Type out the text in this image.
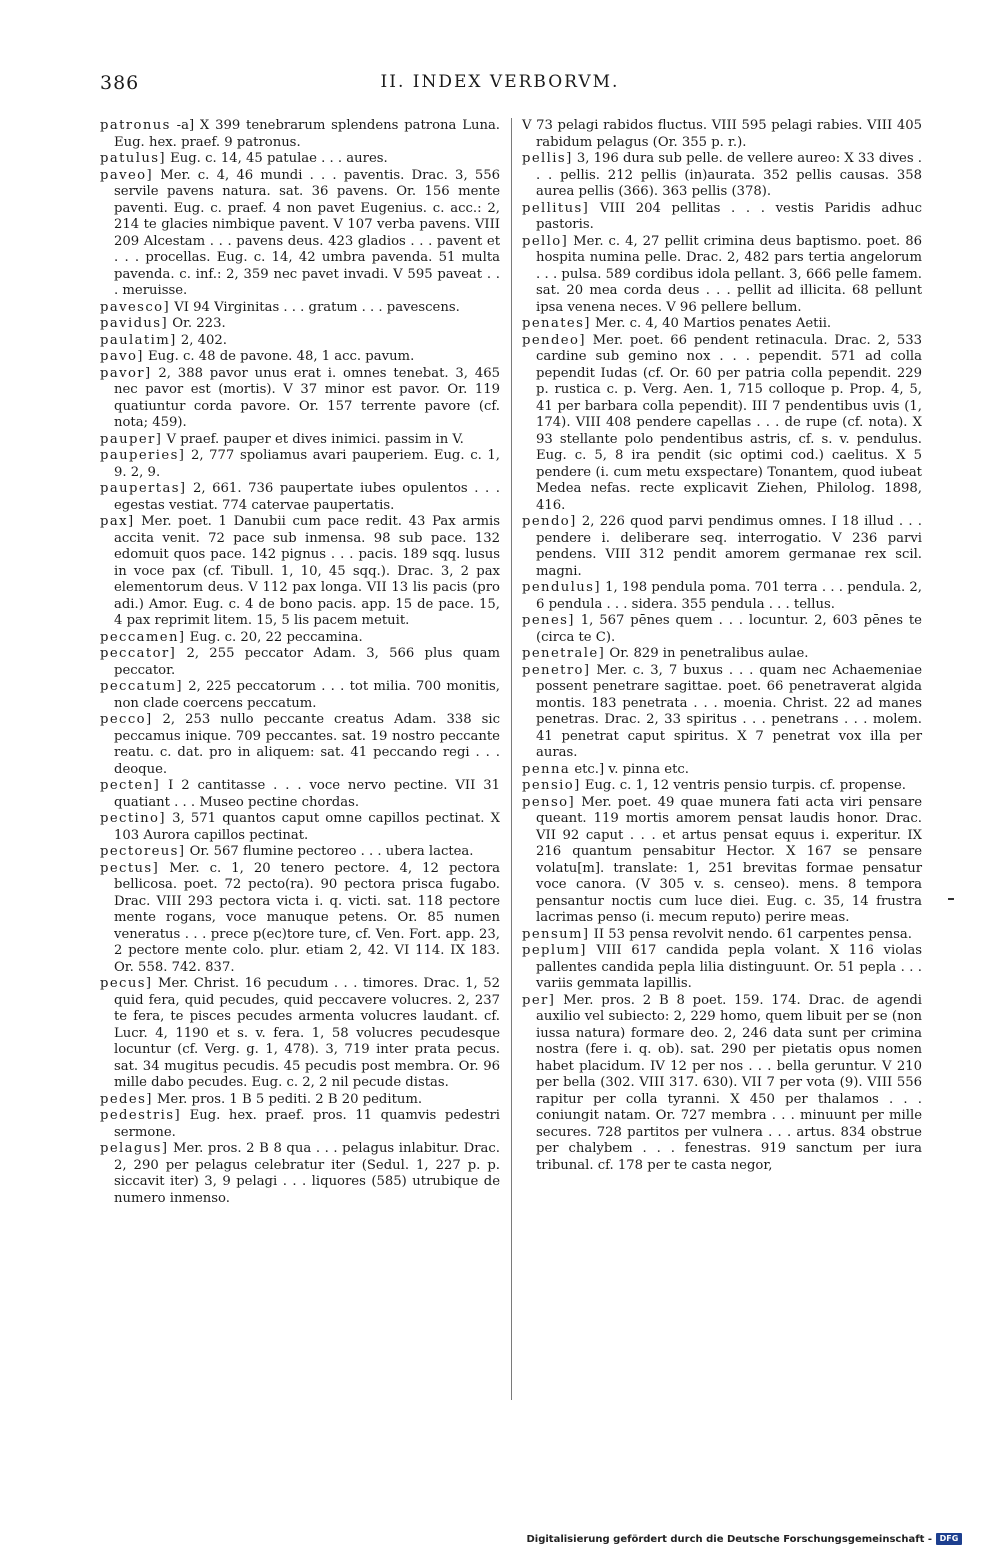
386	II. INDEX VERBORVM.

patronus -a] X 399 tenebrarum splendens patrona Luna. Eug. hex. praef. 9 patronus.

patulus] Eug. c. 14, 45 patulae . . . aures.

paveo] Mer. c. 4, 46 mundi . . . paventis. Drac. 3, 556 servile pavens natura. sat. 36 pavens. Or. 156 mente paventi. Eug. c. praef. 4 non pavet Eugenius. c. acc.: 2, 214 te glacies nimbique pavent. V 107 verba pavens. VIII 209 Alcestam . . . pavens deus. 423 gladios . . . pavent et . . . procellas. Eug. c. 14, 42 umbra pavenda. 51 multa pavenda. c. inf.: 2, 359 nec pavet invadi. V 595 paveat . . . meruisse.

pavesco] VI 94 Virginitas . . . gratum . . . pavescens.

pavidus] Or. 223.

paulatim] 2, 402.

pavo] Eug. c. 48 de pavone. 48, 1 acc. pavum.

pavor] 2, 388 pavor unus erat i. omnes tenebat. 3, 465 nec pavor est (mortis). V 37 minor est pavor. Or. 119 quatiuntur corda pavore. Or. 157 terrente pavore (cf. nota; 459).

pauper] V praef. pauper et dives inimici. passim in V.

pauperies] 2, 777 spoliamus avari pauperiem. Eug. c. 1, 9. 2, 9.

paupertas] 2, 661. 736 paupertate iubes opulentos . . . egestas vestiat. 774 catervae paupertatis.

pax] Mer. poet. 1 Danubii cum pace redit. 43 Pax armis accita venit. 72 pace sub inmensa. 98 sub pace. 132 edomuit quos pace. 142 pignus . . . pacis. 189 sqq. lusus in voce pax (cf. Tibull. 1, 10, 45 sqq.). Drac. 3, 2 pax elementorum deus. V 112 pax longa. VII 13 lis pacis (pro adi.) Amor. Eug. c. 4 de bono pacis. app. 15 de pace. 15, 4 pax reprimit litem. 15, 5 lis pacem metuit.

peccamen] Eug. c. 20, 22 peccamina.

peccator] 2, 255 peccator Adam. 3, 566 plus quam peccator.

peccatum] 2, 225 peccatorum . . . tot milia. 700 monitis, non clade coercens peccatum.

pecco] 2, 253 nullo peccante creatus Adam. 338 sic peccamus inique. 709 peccantes. sat. 19 nostro peccante reatu. c. dat. pro in aliquem: sat. 41 peccando regi . . . deoque.

pecten] I 2 cantitasse . . . voce nervo pectine. VII 31 quatiant . . . Museo pectine chordas.

pectino] 3, 571 quantos caput omne capillos pectinat. X 103 Aurora capillos pectinat.

pectoreus] Or. 567 flumine pectoreo . . . ubera lactea.

pectus] Mer. c. 1, 20 tenero pectore. 4, 12 pectora bellicosa. poet. 72 pecto(ra). 90 pectora prisca fugabo. Drac. VIII 293 pectora victa i. q. victi. sat. 118 pectore mente rogans, voce manuque petens. Or. 85 numen veneratus . . . prece p(ec)tore ture, cf. Ven. Fort. app. 23, 2 pectore mente colo. plur. etiam 2, 42. VI 114. IX 183. Or. 558. 742. 837.

pecus] Mer. Christ. 16 pecudum . . . timores. Drac. 1, 52 quid fera, quid pecudes, quid peccavere volucres. 2, 237 te fera, te pisces pecudes armenta volucres laudant. cf. Lucr. 4, 1190 et s. v. fera. 1, 58 volucres pecudesque locuntur (cf. Verg. g. 1, 478). 3, 719 inter prata pecus. sat. 34 mugitus pecudis. 45 pecudis post membra. Or. 96 mille dabo pecudes. Eug. c. 2, 2 nil pecude distas.

pedes] Mer. pros. 1 B 5 pediti. 2 B 20 peditum.

pedestris] Eug. hex. praef. pros. 11 quamvis pedestri sermone.

pelagus] Mer. pros. 2 B 8 qua . . . pelagus inlabitur. Drac. 2, 290 per pelagus celebratur iter (Sedul. 1, 227 p. p. siccavit iter) 3, 9 pelagi . . . liquores (585) utrubique de numero inmenso.

V 73 pelagi rabidos fluctus. VIII 595 pelagi rabies. VIII 405 rabidum pelagus (Or. 355 p. r.).

pellis] 3, 196 dura sub pelle. de vellere aureo: X 33 dives . . . pellis. 212 pellis (in)aurata. 352 pellis causas. 358 aurea pellis (366). 363 pellis (378).

pellitus] VIII 204 pellitas . . . vestis Paridis adhuc pastoris.

pello] Mer. c. 4, 27 pellit crimina deus baptismo. poet. 86 hospita numina pelle. Drac. 2, 482 pars tertia angelorum . . . pulsa. 589 cordibus idola pellant. 3, 666 pelle famem. sat. 20 mea corda deus . . . pellit ad illicita. 68 pellunt ipsa venena neces. V 96 pellere bellum.

penates] Mer. c. 4, 40 Martios penates Aetii.

pendeo] Mer. poet. 66 pendent retinacula. Drac. 2, 533 cardine sub gemino nox . . . pependit. 571 ad colla pependit Iudas (cf. Or. 60 per patria colla pependit. 229 p. rustica c. p. Verg. Aen. 1, 715 colloque p. Prop. 4, 5, 41 per barbara colla pependit). III 7 pendentibus uvis (1, 174). VIII 408 pendere capellas . . . de rupe (cf. nota). X 93 stellante polo pendentibus astris, cf. s. v. pendulus. Eug. c. 5, 8 ira pendit (sic optimi cod.) caelitus. X 5 pendere (i. cum metu exspectare) Tonantem, quod iubeat Medea nefas. recte explicavit Ziehen, Philolog. 1898, 416.

pendo] 2, 226 quod parvi pendimus omnes. I 18 illud . . . pendere i. deliberare seq. interrogatio. V 236 parvi pendens. VIII 312 pendit amorem germanae rex scil. magni.

pendulus] 1, 198 pendula poma. 701 terra . . . pendula. 2, 6 pendula . . . sidera. 355 pendula . . . tellus.

penes] 1, 567 pēnes quem . . . locuntur. 2, 603 pēnes te (circa te C).

penetrale] Or. 829 in penetralibus aulae.

penetro] Mer. c. 3, 7 buxus . . . quam nec Achaemeniae possent penetrare sagittae. poet. 66 penetraverat algida montis. 183 penetrata . . . moenia. Christ. 22 ad manes penetras. Drac. 2, 33 spiritus . . . penetrans . . . molem. 41 penetrat caput spiritus. X 7 penetrat vox illa per auras.

penna etc.] v. pinna etc.

pensio] Eug. c. 1, 12 ventris pensio turpis. cf. propense.

penso] Mer. poet. 49 quae munera fati acta viri pensare queant. 119 mortis amorem pensat laudis honor. Drac. VII 92 caput . . . et artus pensat equus i. experitur. IX 216 quantum pensabitur Hector. X 167 se pensare volatu[m]. translate: 1, 251 brevitas formae pensatur voce canora. (V 305 v. s. censeo). mens. 8 tempora pensantur noctis cum luce diei. Eug. c. 35, 14 frustra lacrimas penso (i. mecum reputo) perire meas.

pensum] II 53 pensa revolvit nendo. 61 carpentes pensa.

peplum] VIII 617 candida pepla volant. X 116 violas pallentes candida pepla lilia distinguunt. Or. 51 pepla . . . variis gemmata lapillis.

per] Mer. pros. 2 B 8 poet. 159. 174. Drac. de agendi auxilio vel subiecto: 2, 229 homo, quem libuit per se (non iussa natura) formare deo. 2, 246 data sunt per crimina nostra (fere i. q. ob). sat. 290 per pietatis opus nomen habet placidum. IV 12 per nos . . . bella geruntur. V 210 per bella (302. VIII 317. 630). VII 7 per vota (9). VIII 556 rapitur per colla tyranni. X 450 per thalamos . . . coniungit natam. Or. 727 membra . . . minuunt per mille secures. 728 partitos per vulnera . . . artus. 834 obstrue per chalybem . . . fenestras. 919 sanctum per iura tribunal. cf. 178 per te casta negor,

Digitalisierung gefördert durch die Deutsche Forschungsgemeinschaft - DFG
